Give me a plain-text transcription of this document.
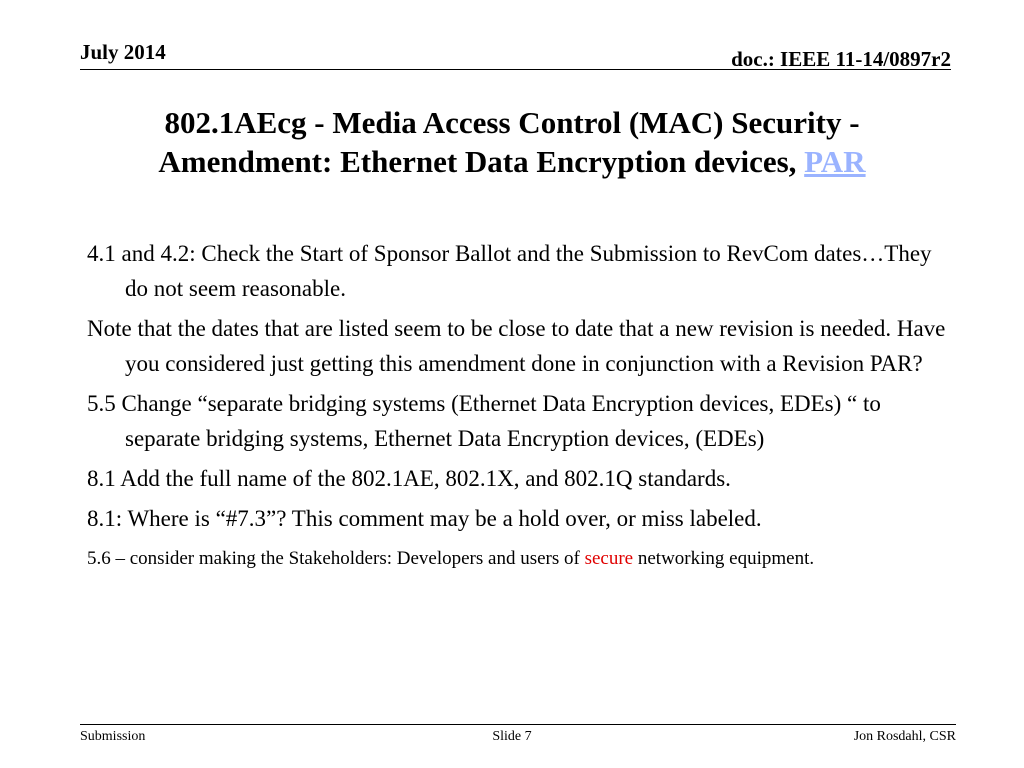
July 2014	doc.: IEEE 11-14/0897r2
802.1AEcg - Media Access Control (MAC) Security - Amendment: Ethernet Data Encryption devices, PAR

4.1 and 4.2: Check the Start of Sponsor Ballot and the Submission to RevCom dates…They do not seem reasonable.

Note that the dates that are listed seem to be close to date that a new revision is needed. Have you considered just getting this amendment done in conjunction with a Revision PAR?

5.5 Change “separate bridging systems (Ethernet Data Encryption devices, EDEs) “ to separate bridging systems, Ethernet Data Encryption devices, (EDEs)

8.1 Add the full name of the 802.1AE, 802.1X, and 802.1Q standards.

8.1: Where is “#7.3”? This comment may be a hold over, or miss labeled.

5.6 – consider making the Stakeholders: Developers and users of secure networking equipment.

Submission	Slide 7	Jon Rosdahl, CSR
